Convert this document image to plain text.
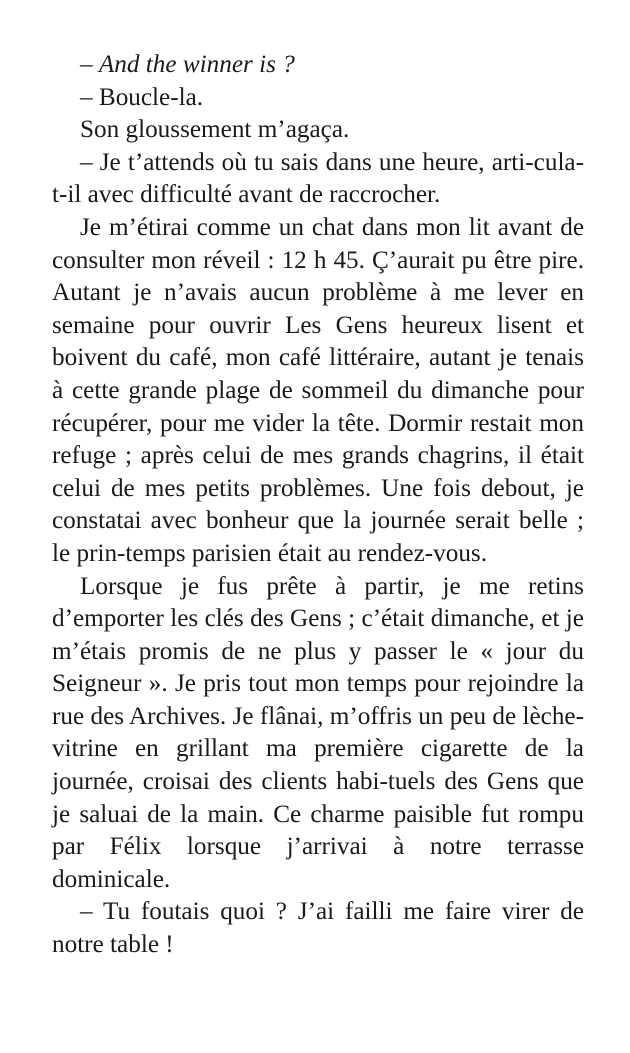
– And the winner is ?

– Boucle-la.

Son gloussement m’agaça.

– Je t’attends où tu sais dans une heure, arti-cula-t-il avec difficulté avant de raccrocher.

Je m’étirai comme un chat dans mon lit avant de consulter mon réveil : 12 h 45. Ç’aurait pu être pire. Autant je n’avais aucun problème à me lever en semaine pour ouvrir Les Gens heureux lisent et boivent du café, mon café littéraire, autant je tenais à cette grande plage de sommeil du dimanche pour récupérer, pour me vider la tête. Dormir restait mon refuge ; après celui de mes grands chagrins, il était celui de mes petits problèmes. Une fois debout, je constatai avec bonheur que la journée serait belle ; le prin-temps parisien était au rendez-vous.

Lorsque je fus prête à partir, je me retins d’emporter les clés des Gens ; c’était dimanche, et je m’étais promis de ne plus y passer le « jour du Seigneur ». Je pris tout mon temps pour rejoindre la rue des Archives. Je flânai, m’offris un peu de lèche-vitrine en grillant ma première cigarette de la journée, croisai des clients habi-tuels des Gens que je saluai de la main. Ce charme paisible fut rompu par Félix lorsque j’arrivai à notre terrasse dominicale.

– Tu foutais quoi ? J’ai failli me faire virer de notre table !
